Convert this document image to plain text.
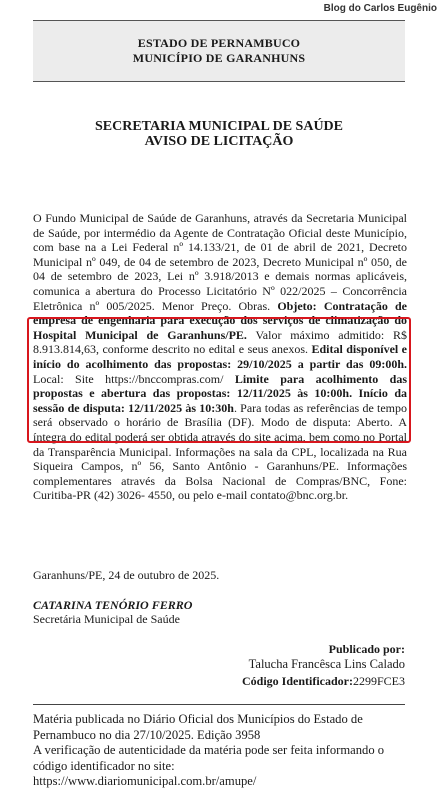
Blog do Carlos Eugênio
ESTADO DE PERNAMBUCO
MUNICÍPIO DE GARANHUNS
SECRETARIA MUNICIPAL DE SAÚDE
AVISO DE LICITAÇÃO
O Fundo Municipal de Saúde de Garanhuns, através da Secretaria Municipal de Saúde, por intermédio da Agente de Contratação Oficial deste Município, com base na a Lei Federal nº 14.133/21, de 01 de abril de 2021, Decreto Municipal nº 049, de 04 de setembro de 2023, Decreto Municipal nº 050, de 04 de setembro de 2023, Lei nº 3.918/2013 e demais normas aplicáveis, comunica a abertura do Processo Licitatório Nº 022/2025 – Concorrência Eletrônica nº 005/2025. Menor Preço. Obras. Objeto: Contratação de empresa de engenharia para execução dos serviços de climatização do Hospital Municipal de Garanhuns/PE. Valor máximo admitido: R$ 8.913.814,63, conforme descrito no edital e seus anexos. Edital disponível e início do acolhimento das propostas: 29/10/2025 a partir das 09:00h. Local: Site https://bnccompras.com/ Limite para acolhimento das propostas e abertura das propostas: 12/11/2025 às 10:00h. Início da sessão de disputa: 12/11/2025 às 10:30h. Para todas as referências de tempo será observado o horário de Brasília (DF). Modo de disputa: Aberto. A íntegra do edital poderá ser obtida através do site acima, bem como no Portal da Transparência Municipal. Informações na sala da CPL, localizada na Rua Siqueira Campos, nº 56, Santo Antônio - Garanhuns/PE. Informações complementares através da Bolsa Nacional de Compras/BNC, Fone: Curitiba-PR (42) 3026- 4550, ou pelo e-mail contato@bnc.org.br.
Garanhuns/PE, 24 de outubro de 2025.
CATARINA TENÓRIO FERRO
Secretária Municipal de Saúde
Publicado por:
Talucha Francêsca Lins Calado
Código Identificador:2299FCE3
Matéria publicada no Diário Oficial dos Municípios do Estado de Pernambuco no dia 27/10/2025. Edição 3958
A verificação de autenticidade da matéria pode ser feita informando o código identificador no site:
https://www.diariomunicipal.com.br/amupe/
